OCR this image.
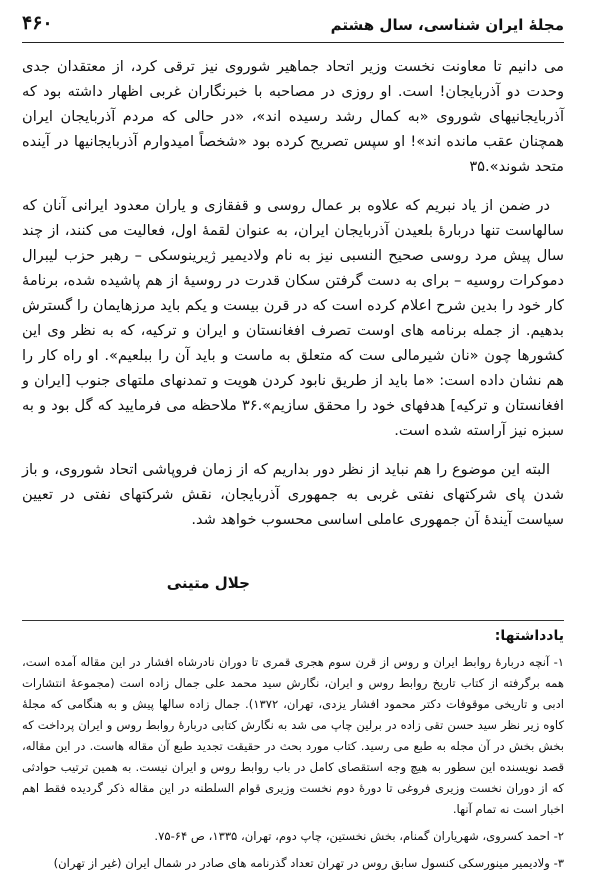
۴۶۰	مجلهٔ ایران شناسی، سال هشتم

می دانیم تا معاونت نخست وزیر اتحاد جماهیر شوروی نیز ترقی کرد، از معتقدان جدی وحدت دو آذربایجان! است. او روزی در مصاحبه با خبرنگاران غربی اظهار داشته بود که آذربایجانیهای شوروی «به کمال رشد رسیده اند»، «در حالی که مردم آذربایجان ایران همچنان عقب مانده اند»! او سپس تصریح کرده بود «شخصاً امیدوارم آذربایجانیها در آینده متحد شوند».۳۵

در ضمن از یاد نبریم که علاوه بر عمال روسی و قفقازی و یاران معدود ایرانی آنان که سالهاست تنها دربارهٔ بلعیدن آذربایجان ایران، به عنوان لقمهٔ اول، فعالیت می کنند، از چند سال پیش مرد روسی صحیح النسبی نیز به نام ولادیمیر ژیرینوسکی – رهبر حزب لیبرال دموکرات روسیه – برای به دست گرفتن سکان قدرت در روسیهٔ از هم پاشیده شده، برنامهٔ کار خود را بدین شرح اعلام کرده است که در قرن بیست و یکم باید مرزهایمان را گسترش بدهیم. از جمله برنامه های اوست تصرف افغانستان و ایران و ترکیه، که به نظر وی این کشورها چون «نان شیرمالی ست که متعلق به ماست و باید آن را ببلعیم». او راه کار را هم نشان داده است: «ما باید از طریق نابود کردن هویت و تمدنهای ملتهای جنوب [ایران و افغانستان و ترکیه] هدفهای خود را محقق سازیم».۳۶ ملاحظه می فرمایید که گل بود و به سبزه نیز آراسته شده است.

البته این موضوع را هم نباید از نظر دور بداریم که از زمان فروپاشی اتحاد شوروی، و باز شدن پای شرکتهای نفتی غربی به جمهوری آذربایجان، نقش شرکتهای نفتی در تعیین سیاست آیندهٔ آن جمهوری عاملی اساسی محسوب خواهد شد.

جلال متینی
یادداشتها:

۱- آنچه دربارهٔ روابط ایران و روس از قرن سوم هجری قمری تا دوران نادرشاه افشار در این مقاله آمده است، همه برگرفته از کتاب تاریخ روابط روس و ایران، نگارش سید محمد علی جمال زاده است (مجموعهٔ انتشارات ادبی و تاریخی موقوفات دکتر محمود افشار یزدی، تهران، ۱۳۷۲). جمال زاده سالها پیش و به هنگامی که مجلهٔ کاوه زیر نظر سید حسن تقی زاده در برلین چاپ می شد به نگارش کتابی دربارهٔ روابط روس و ایران پرداخت که بخش بخش در آن مجله به طبع می رسید. کتاب مورد بحث در حقیقت تجدید طبع آن مقاله هاست. در این مقاله، قصد نویسنده این سطور به هیچ وجه استقصای کامل در باب روابط روس و ایران نیست. به همین ترتیب حوادثی که از دوران نخست وزیری فروغی تا دورهٔ دوم نخست وزیری قوام السلطنه در این مقاله ذکر گردیده فقط اهم اخبار است نه تمام آنها.

۲- احمد کسروی، شهریاران گمنام، بخش نخستین، چاپ دوم، تهران، ۱۳۳۵، ص ۶۴-۷۵.

۳- ولادیمیر مینورسکی کنسول سابق روس در تهران تعداد گذرنامه های صادر در شمال ایران (غیر از تهران)
